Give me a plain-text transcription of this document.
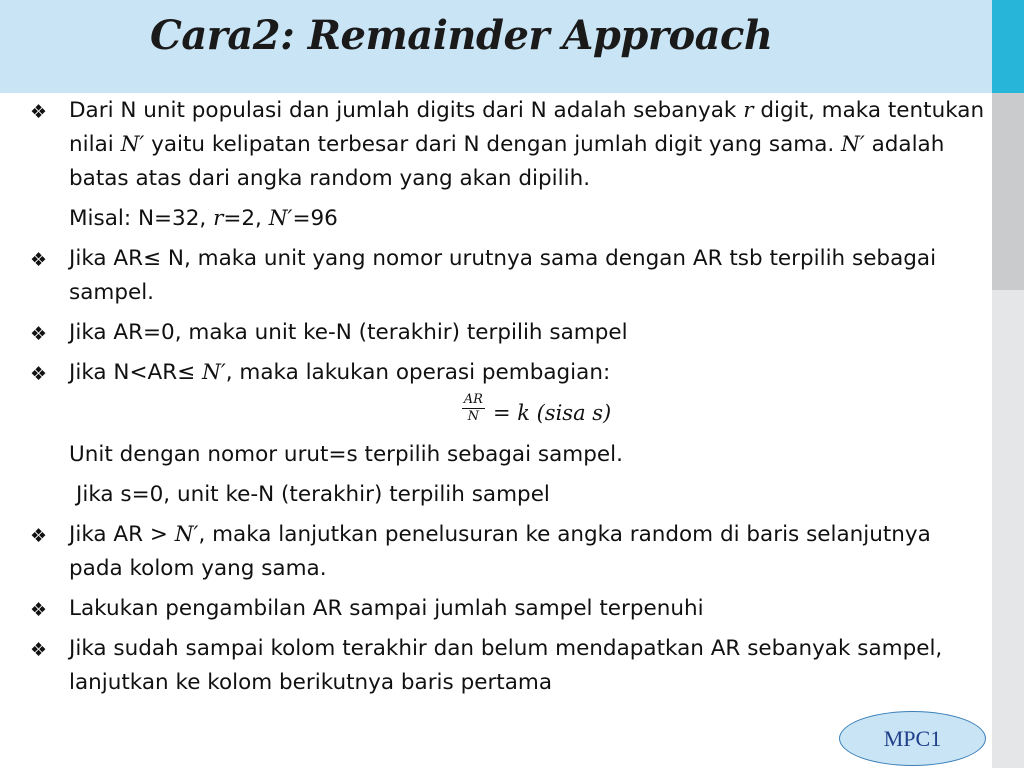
Cara2: Remainder Approach
❖ Dari N unit populasi dan jumlah digits dari N adalah sebanyak r digit, maka tentukan nilai N′ yaitu kelipatan terbesar dari N dengan jumlah digit yang sama. N′ adalah batas atas dari angka random yang akan dipilih.
Misal: N=32, r=2, N′=96
❖ Jika AR≤ N, maka unit yang nomor urutnya sama dengan AR tsb terpilih sebagai sampel.
❖ Jika AR=0, maka unit ke-N (terakhir) terpilih sampel
❖ Jika N<AR≤ N′, maka lakukan operasi pembagian:
$\frac{AR}{N} = k$ (sisa s)
Unit dengan nomor urut=s terpilih sebagai sampel.
Jika s=0, unit ke-N (terakhir) terpilih sampel
❖ Jika AR > N′, maka lanjutkan penelusuran ke angka random di baris selanjutnya pada kolom yang sama.
❖ Lakukan pengambilan AR sampai jumlah sampel terpenuhi
❖ Jika sudah sampai kolom terakhir dan belum mendapatkan AR sebanyak sampel, lanjutkan ke kolom berikutnya baris pertama
MPC1
